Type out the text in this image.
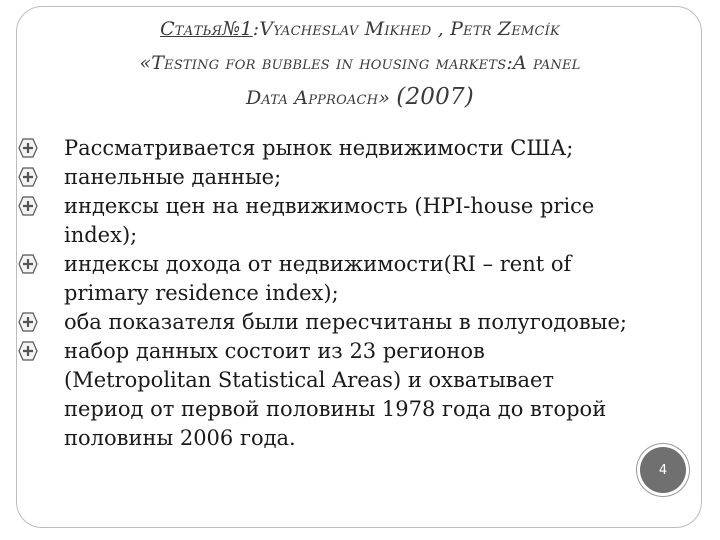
Статья№1:Vyacheslav Mikhed , Petr Zemcík
«Testing for bubbles in housing markets:A panel
Data Approach» (2007)
Рассматривается рынок недвижимости США;
панельные данные;
индексы цен на недвижимость (HPI-house price index);
индексы дохода от недвижимости(RI – rent of primary residence index);
оба показателя были пересчитаны в полугодовые;
набор данных состоит из 23 регионов (Metropolitan Statistical Areas) и охватывает период от первой половины 1978 года до второй половины 2006 года.
4
